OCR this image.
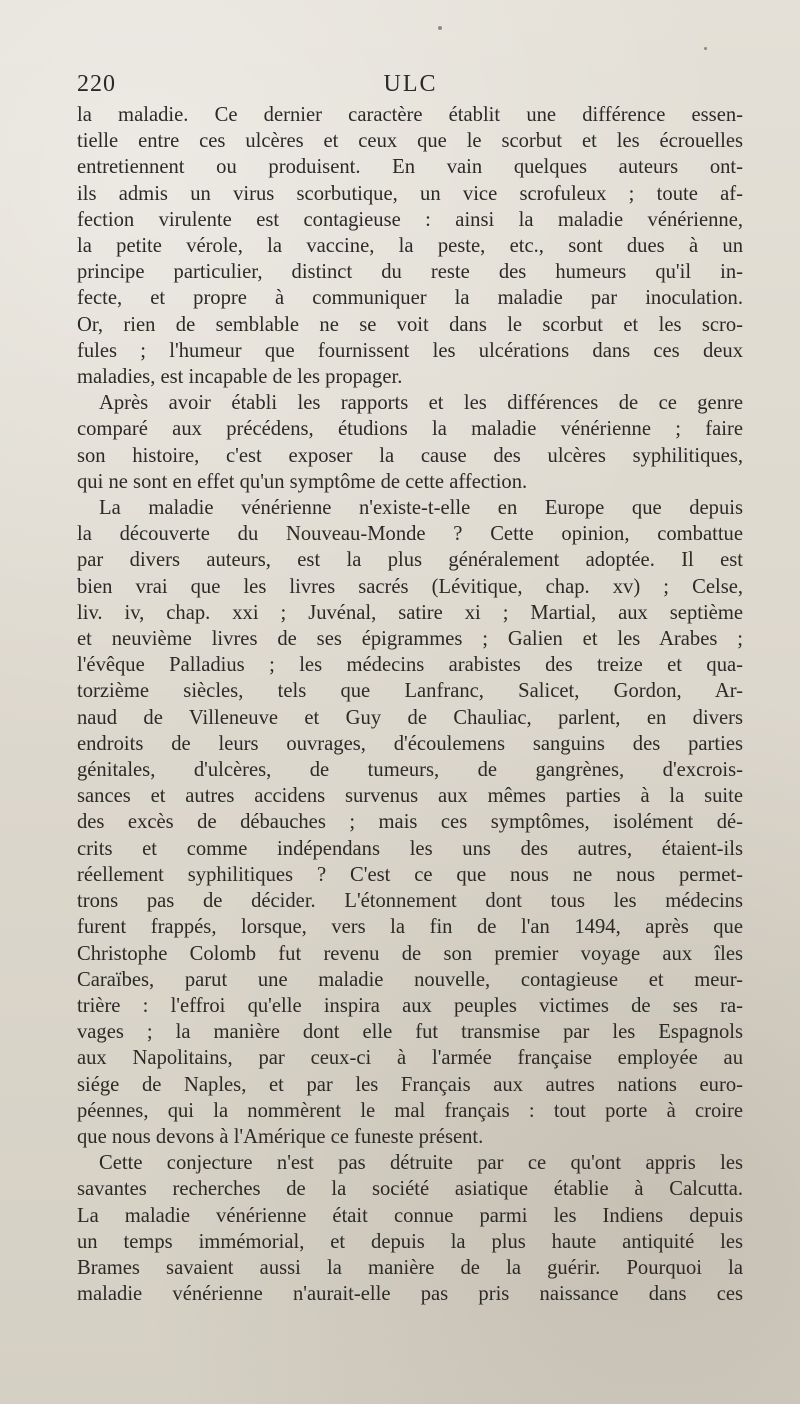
220	ULC
la maladie. Ce dernier caractère établit une différence essen-
tielle entre ces ulcères et ceux que le scorbut et les écrouelles
entretiennent ou produisent. En vain quelques auteurs ont-
ils admis un virus scorbutique, un vice scrofuleux ; toute af-
fection virulente est contagieuse : ainsi la maladie vénérienne,
la petite vérole, la vaccine, la peste, etc., sont dues à un
principe particulier, distinct du reste des humeurs qu'il in-
fecte, et propre à communiquer la maladie par inoculation.
Or, rien de semblable ne se voit dans le scorbut et les scro-
fules ; l'humeur que fournissent les ulcérations dans ces deux
maladies, est incapable de les propager.
Après avoir établi les rapports et les différences de ce genre
comparé aux précédens, étudions la maladie vénérienne ; faire
son histoire, c'est exposer la cause des ulcères syphilitiques,
qui ne sont en effet qu'un symptôme de cette affection.
La maladie vénérienne n'existe-t-elle en Europe que depuis
la découverte du Nouveau-Monde ? Cette opinion, combattue
par divers auteurs, est la plus généralement adoptée. Il est
bien vrai que les livres sacrés (Lévitique, chap. xv) ; Celse,
liv. iv, chap. xxi ; Juvénal, satire xi ; Martial, aux septième
et neuvième livres de ses épigrammes ; Galien et les Arabes ;
l'évêque Palladius ; les médecins arabistes des treize et qua-
torzième siècles, tels que Lanfranc, Salicet, Gordon, Ar-
naud de Villeneuve et Guy de Chauliac, parlent, en divers
endroits de leurs ouvrages, d'écoulemens sanguins des parties
génitales, d'ulcères, de tumeurs, de gangrènes, d'excrois-
sances et autres accidens survenus aux mêmes parties à la suite
des excès de débauches ; mais ces symptômes, isolément dé-
crits et comme indépendans les uns des autres, étaient-ils
réellement syphilitiques ? C'est ce que nous ne nous permet-
trons pas de décider. L'étonnement dont tous les médecins
furent frappés, lorsque, vers la fin de l'an 1494, après que
Christophe Colomb fut revenu de son premier voyage aux îles
Caraïbes, parut une maladie nouvelle, contagieuse et meur-
trière : l'effroi qu'elle inspira aux peuples victimes de ses ra-
vages ; la manière dont elle fut transmise par les Espagnols
aux Napolitains, par ceux-ci à l'armée française employée au
siége de Naples, et par les Français aux autres nations euro-
péennes, qui la nommèrent le mal français : tout porte à croire
que nous devons à l'Amérique ce funeste présent.
Cette conjecture n'est pas détruite par ce qu'ont appris les
savantes recherches de la société asiatique établie à Calcutta.
La maladie vénérienne était connue parmi les Indiens depuis
un temps immémorial, et depuis la plus haute antiquité les
Brames savaient aussi la manière de la guérir. Pourquoi la
maladie vénérienne n'aurait-elle pas pris naissance dans ces
